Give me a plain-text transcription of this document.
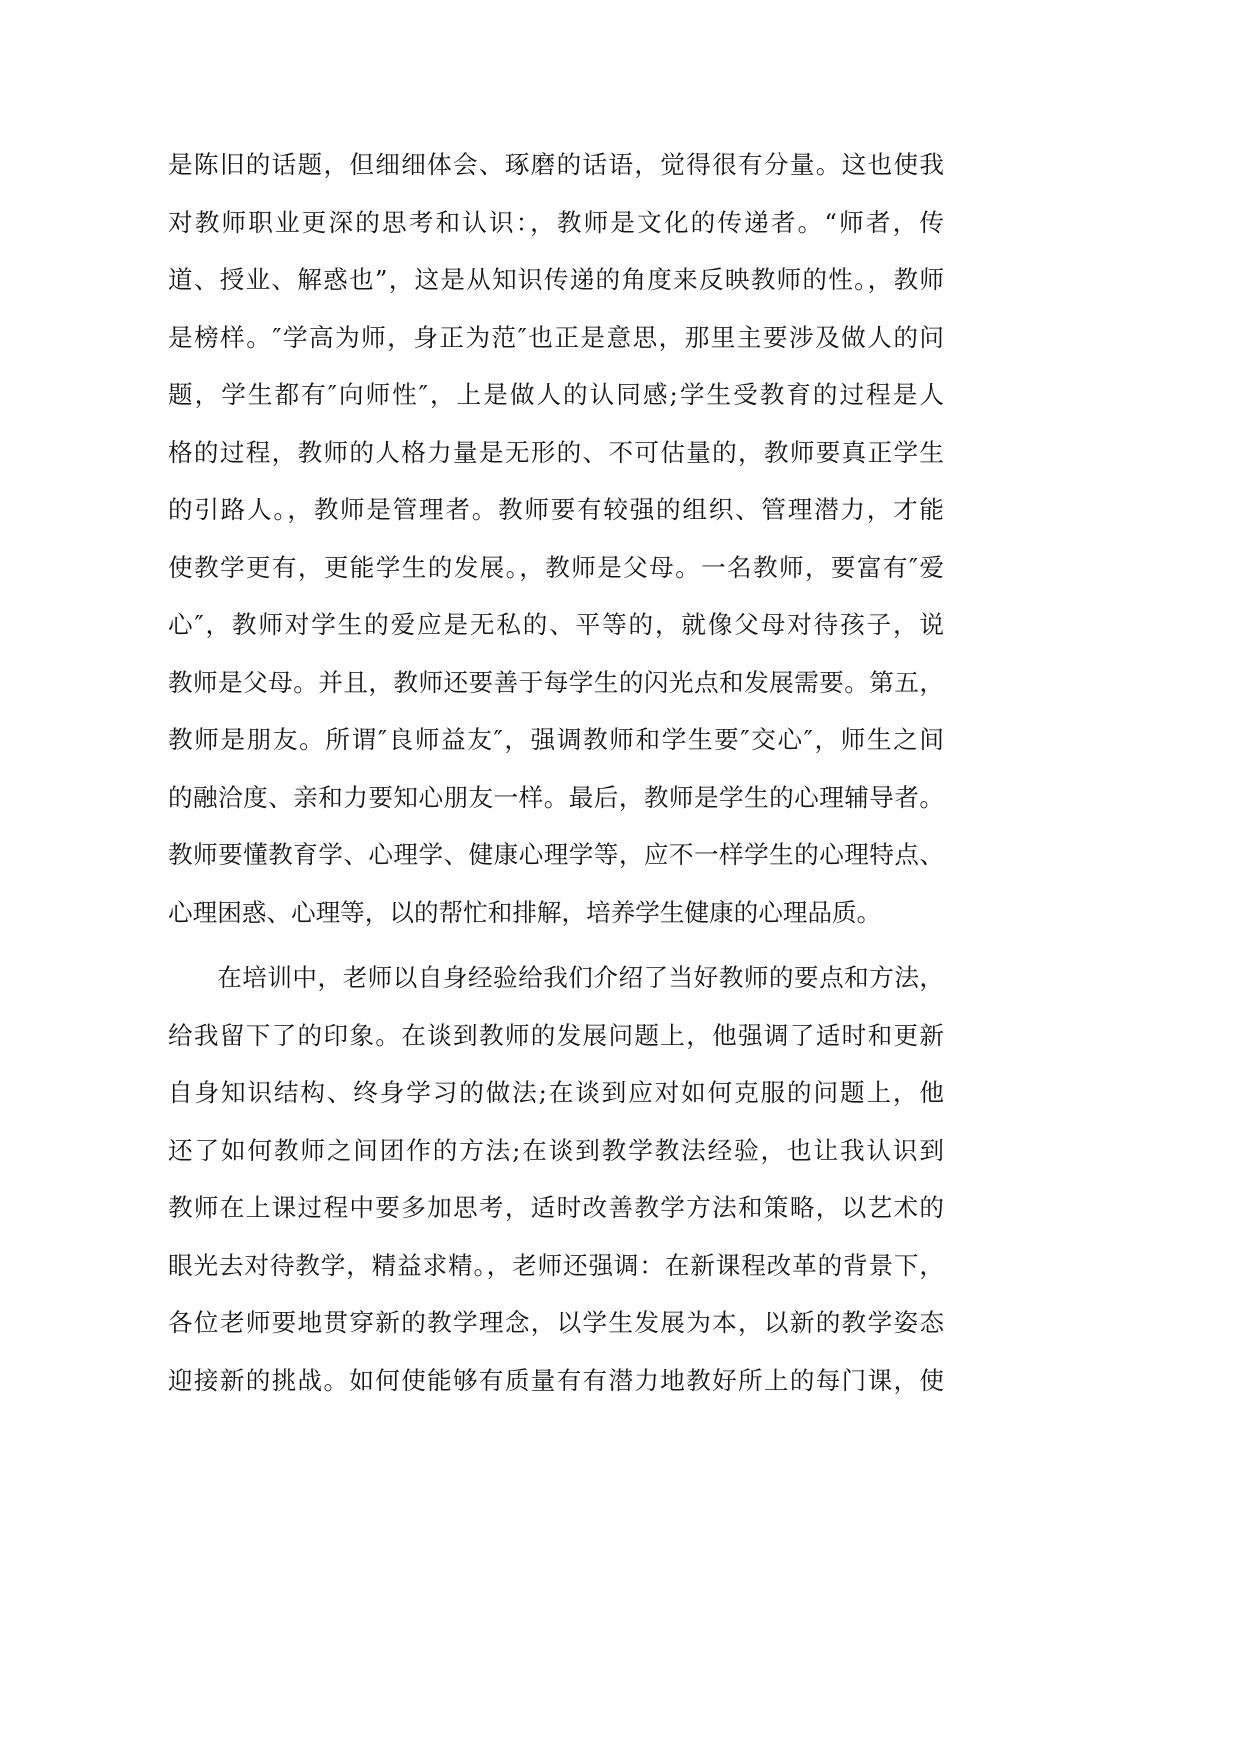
是陈旧的话题，但细细体会、琢磨的话语，觉得很有分量。这也使我
对教师职业更深的思考和认识：，教师是文化的传递者。“师者，传
道、授业、解惑也”，这是从知识传递的角度来反映教师的性。，教师
是榜样。″学高为师，身正为范″也正是意思，那里主要涉及做人的问
题，学生都有″向师性″，上是做人的认同感;学生受教育的过程是人
格的过程，教师的人格力量是无形的、不可估量的，教师要真正学生
的引路人。，教师是管理者。教师要有较强的组织、管理潜力，才能
使教学更有，更能学生的发展。，教师是父母。一名教师，要富有″爱
心″，教师对学生的爱应是无私的、平等的，就像父母对待孩子，说
教师是父母。并且，教师还要善于每学生的闪光点和发展需要。第五，
教师是朋友。所谓″良师益友″，强调教师和学生要″交心″，师生之间
的融洽度、亲和力要知心朋友一样。最后，教师是学生的心理辅导者。
教师要懂教育学、心理学、健康心理学等，应不一样学生的心理特点、
心理困惑、心理等，以的帮忙和排解，培养学生健康的心理品质。
在培训中，老师以自身经验给我们介绍了当好教师的要点和方法，
给我留下了的印象。在谈到教师的发展问题上，他强调了适时和更新
自身知识结构、终身学习的做法;在谈到应对如何克服的问题上，他
还了如何教师之间团作的方法;在谈到教学教法经验，也让我认识到
教师在上课过程中要多加思考，适时改善教学方法和策略，以艺术的
眼光去对待教学，精益求精。，老师还强调：在新课程改革的背景下，
各位老师要地贯穿新的教学理念，以学生发展为本，以新的教学姿态
迎接新的挑战。如何使能够有质量有有潜力地教好所上的每门课，使
